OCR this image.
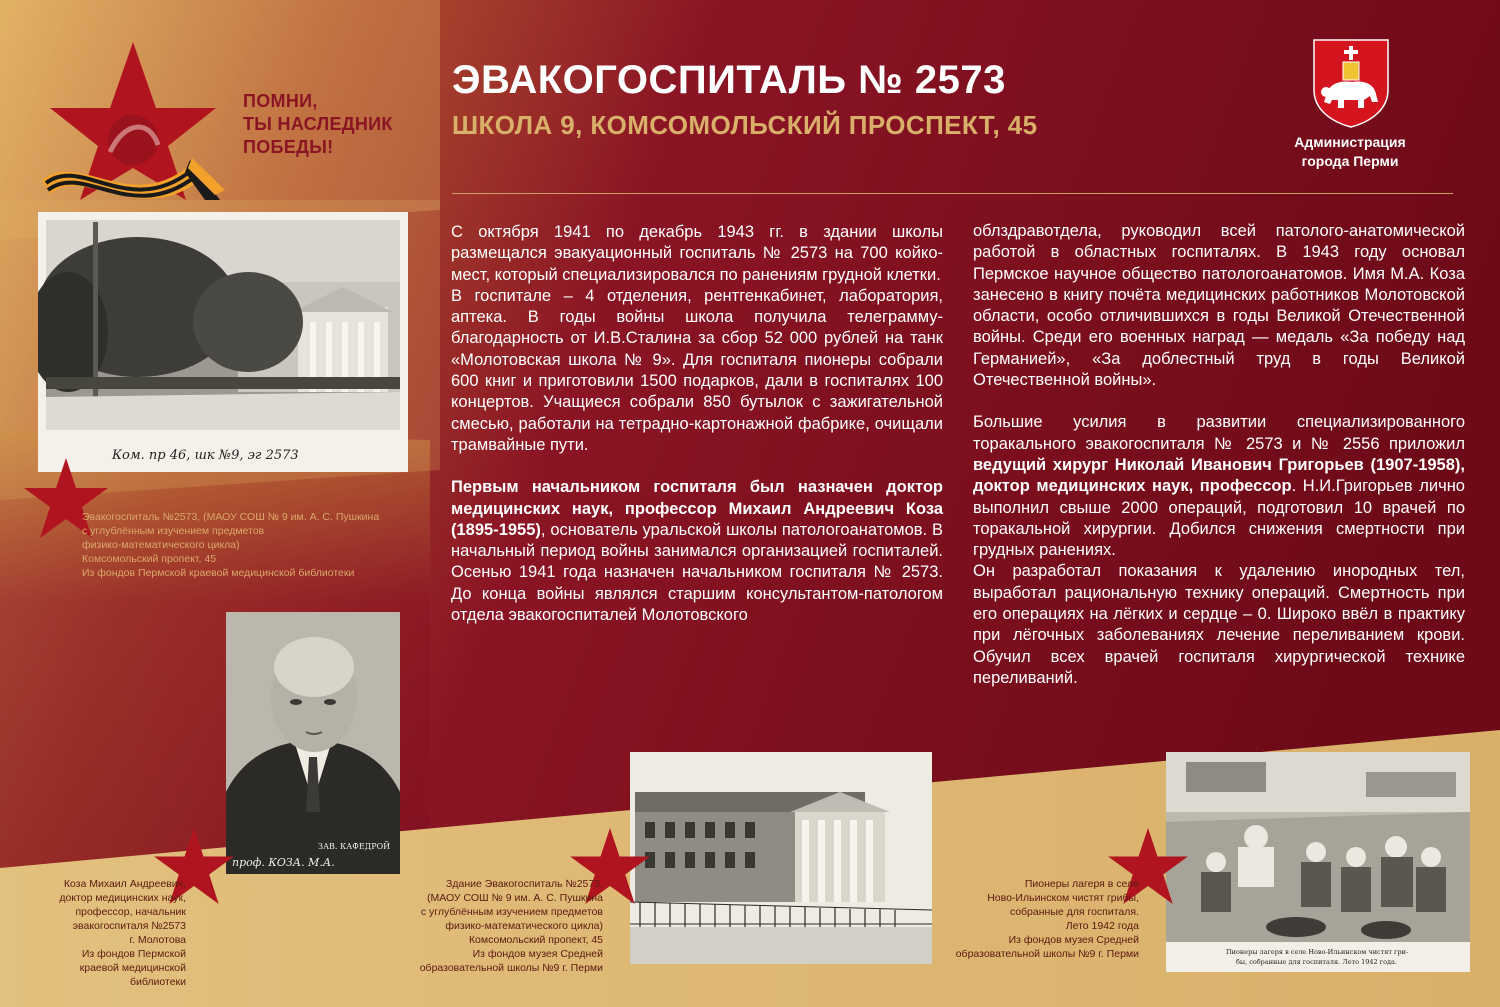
ПОМНИ,
ТЫ НАСЛЕДНИК
ПОБЕДЫ!
ЭВАКОГОСПИТАЛЬ № 2573
ШКОЛА 9, КОМСОМОЛЬСКИЙ ПРОСПЕКТ, 45
Администрация
города Перми
Ком. пр 46, шк №9, эг 2573
Эвакогоспиталь №2573, (МАОУ СОШ № 9 им. А. С. Пушкина
с углублённым изучением предметов
физико-математического цикла)
Комсомольский пропект, 45
Из фондов Пермской краевой медицинской библиотеки
ЗАВ. КАФЕДРОЙ
проф. КОЗА. М.А.
Коза Михаил Андреевич,
доктор медицинских наук,
профессор, начальник
эвакогоспиталя №2573
г. Молотова
Из фондов Пермской
краевой медицинской
библиотеки

С октября 1941 по декабрь 1943 гг. в здании школы размещался эвакуационный госпиталь № 2573 на 700 койко-мест, который специализировался по ранениям грудной клетки.

В госпитале – 4 отделения, рентгенкабинет, лаборатория, аптека. В годы войны школа получила телеграмму-благодарность от И.В.Сталина за сбор 52 000 рублей на танк «Молотовская школа № 9». Для госпиталя пионеры собрали 600 книг и приготовили 1500 подарков, дали в госпиталях 100 концертов. Учащиеся собрали 850 бутылок с зажигательной смесью, работали на тетрадно-картонажной фабрике, очищали трамвайные пути.

Первым начальником госпиталя был назначен доктор медицинских наук, профессор Михаил Андреевич Коза (1895-1955), основатель уральской школы патологоанатомов. В начальный период войны занимался организацией госпиталей. Осенью 1941 года назначен начальником госпиталя № 2573. До конца войны являлся старшим консультантом-патологом отдела эвакогоспиталей Молотовского

облздравотдела, руководил всей патолого-анатомической работой в областных госпиталях. В 1943 году основал Пермское научное общество патологоанатомов. Имя М.А. Коза занесено в книгу почёта медицинских работников Молотовской области, особо отличившихся в годы Великой Отечественной войны. Среди его военных наград — медаль «За победу над Германией», «За доблестный труд в годы Великой Отечественной войны».

Большие усилия в развитии специализированного торакального эвакогоспиталя № 2573 и № 2556 приложил ведущий хирург Николай Иванович Григорьев (1907-1958), доктор медицинских наук, профессор. Н.И.Григорьев лично выполнил свыше 2000 операций, подготовил 10 врачей по торакальной хирургии. Добился снижения смертности при грудных ранениях.

Он разработал показания к удалению инородных тел, выработал рациональную технику операций. Смертность при его операциях на лёгких и сердце – 0. Широко ввёл в практику при лёгочных заболеваниях лечение переливанием крови. Обучил всех врачей госпиталя хирургической технике переливаний.

Здание Эвакогоспиталь №2573,
(МАОУ СОШ № 9 им. А. С. Пушкина
с углублённым изучением предметов
физико-математического цикла)
Комсомольский пропект, 45
Из фондов музея Средней
образовательной школы №9 г. Перми
Пионеры лагеря в селе Ново-Ильинском чистят гри-
бы, собранные для госпиталя. Лето 1942 года.
Пионеры лагеря в селе
Ново-Ильинском чистят грибы,
собранные для госпиталя.
Лето 1942 года
Из фондов музея Средней
образовательной школы №9 г. Перми
